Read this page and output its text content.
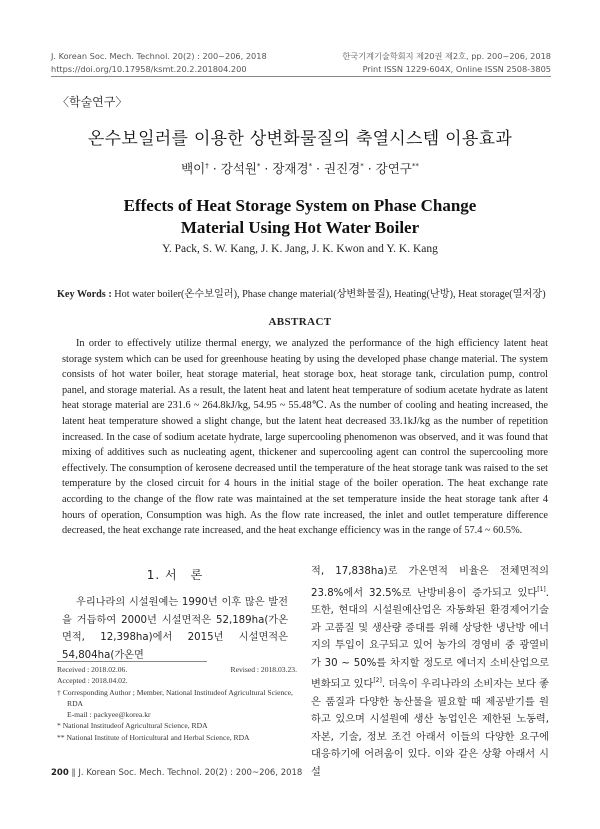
J. Korean Soc. Mech. Technol. 20(2) : 200~206, 2018
https://doi.org/10.17958/ksmt.20.2.201804.200
한국기계기술학회지 제20권 제2호, pp. 200~206, 2018
Print ISSN 1229-604X, Online ISSN 2508-3805
〈학술연구〉
온수보일러를 이용한 상변화물질의 축열시스템 이용효과
백이† · 강석원* · 장재경* · 권진경* · 강연구**
Effects of Heat Storage System on Phase Change
Material Using Hot Water Boiler
Y. Pack, S. W. Kang, J. K. Jang, J. K. Kwon and Y. K. Kang
Key Words : Hot water boiler(온수보일러), Phase change material(상변화물질), Heating(난방), Heat storage(열저장)
ABSTRACT
In order to effectively utilize thermal energy, we analyzed the performance of the high efficiency latent heat storage system which can be used for greenhouse heating by using the developed phase change material. The system consists of hot water boiler, heat storage material, heat storage box, heat storage tank, circulation pump, control panel, and storage material. As a result, the latent heat and latent heat temperature of sodium acetate hydrate as latent heat storage material are 231.6 ~ 264.8kJ/kg, 54.95 ~ 55.48℃. As the number of cooling and heating increased, the latent heat temperature showed a slight change, but the latent heat decreased 33.1kJ/kg as the number of repetition increased. In the case of sodium acetate hydrate, large supercooling phenomenon was observed, and it was found that mixing of additives such as nucleating agent, thickener and supercooling agent can control the supercooling more effectively. The consumption of kerosene decreased until the temperature of the heat storage tank was raised to the set temperature by the closed circuit for 4 hours in the initial stage of the boiler operation. The heat exchange rate according to the change of the flow rate was maintained at the set temperature inside the heat storage tank after 4 hours of operation, Consumption was high. As the flow rate increased, the inlet and outlet temperature difference decreased, the heat exchange rate increased, and the heat exchange efficiency was in the range of 57.4 ~ 60.5%.
1. 서　론
우리나라의 시설원예는 1990년 이후 많은 발전을 거듭하여 2000년 시설면적은 52,189ha(가온면적, 12,398ha)에서 2015년 시설면적은 54,804ha(가온면
Received : 2018.02.06.	Revised : 2018.03.23.
Accepted : 2018.04.02.
† Corresponding Author ; Member, National Institudeof Agricultural Science, RDA
E-mail : packyee@korea.kr
* National Institudeof Agricultural Science, RDA
** National Institute of Horticultural and Herbal Science, RDA
적, 17,838ha)로 가온면적 비율은 전체면적의 23.8%에서 32.5%로 난방비용이 증가되고 있다[1]. 또한, 현대의 시설원예산업은 자동화된 환경제어기술과 고품질 및 생산량 증대를 위해 상당한 냉난방 에너지의 투입이 요구되고 있어 농가의 경영비 중 광열비가 30 ~ 50%를 차지할 정도로 에너지 소비산업으로 변화되고 있다[2]. 더욱이 우리나라의 소비자는 보다 좋은 품질과 다양한 농산물을 필요할 때 제공받기를 원하고 있으며 시설원예 생산 농업인은 제한된 노동력, 자본, 기술, 정보 조건 아래서 이들의 다양한 요구에 대응하기에 어려움이 있다. 이와 같은 상황 아래서 시설
200 ∥ J. Korean Soc. Mech. Technol. 20(2) : 200~206, 2018
